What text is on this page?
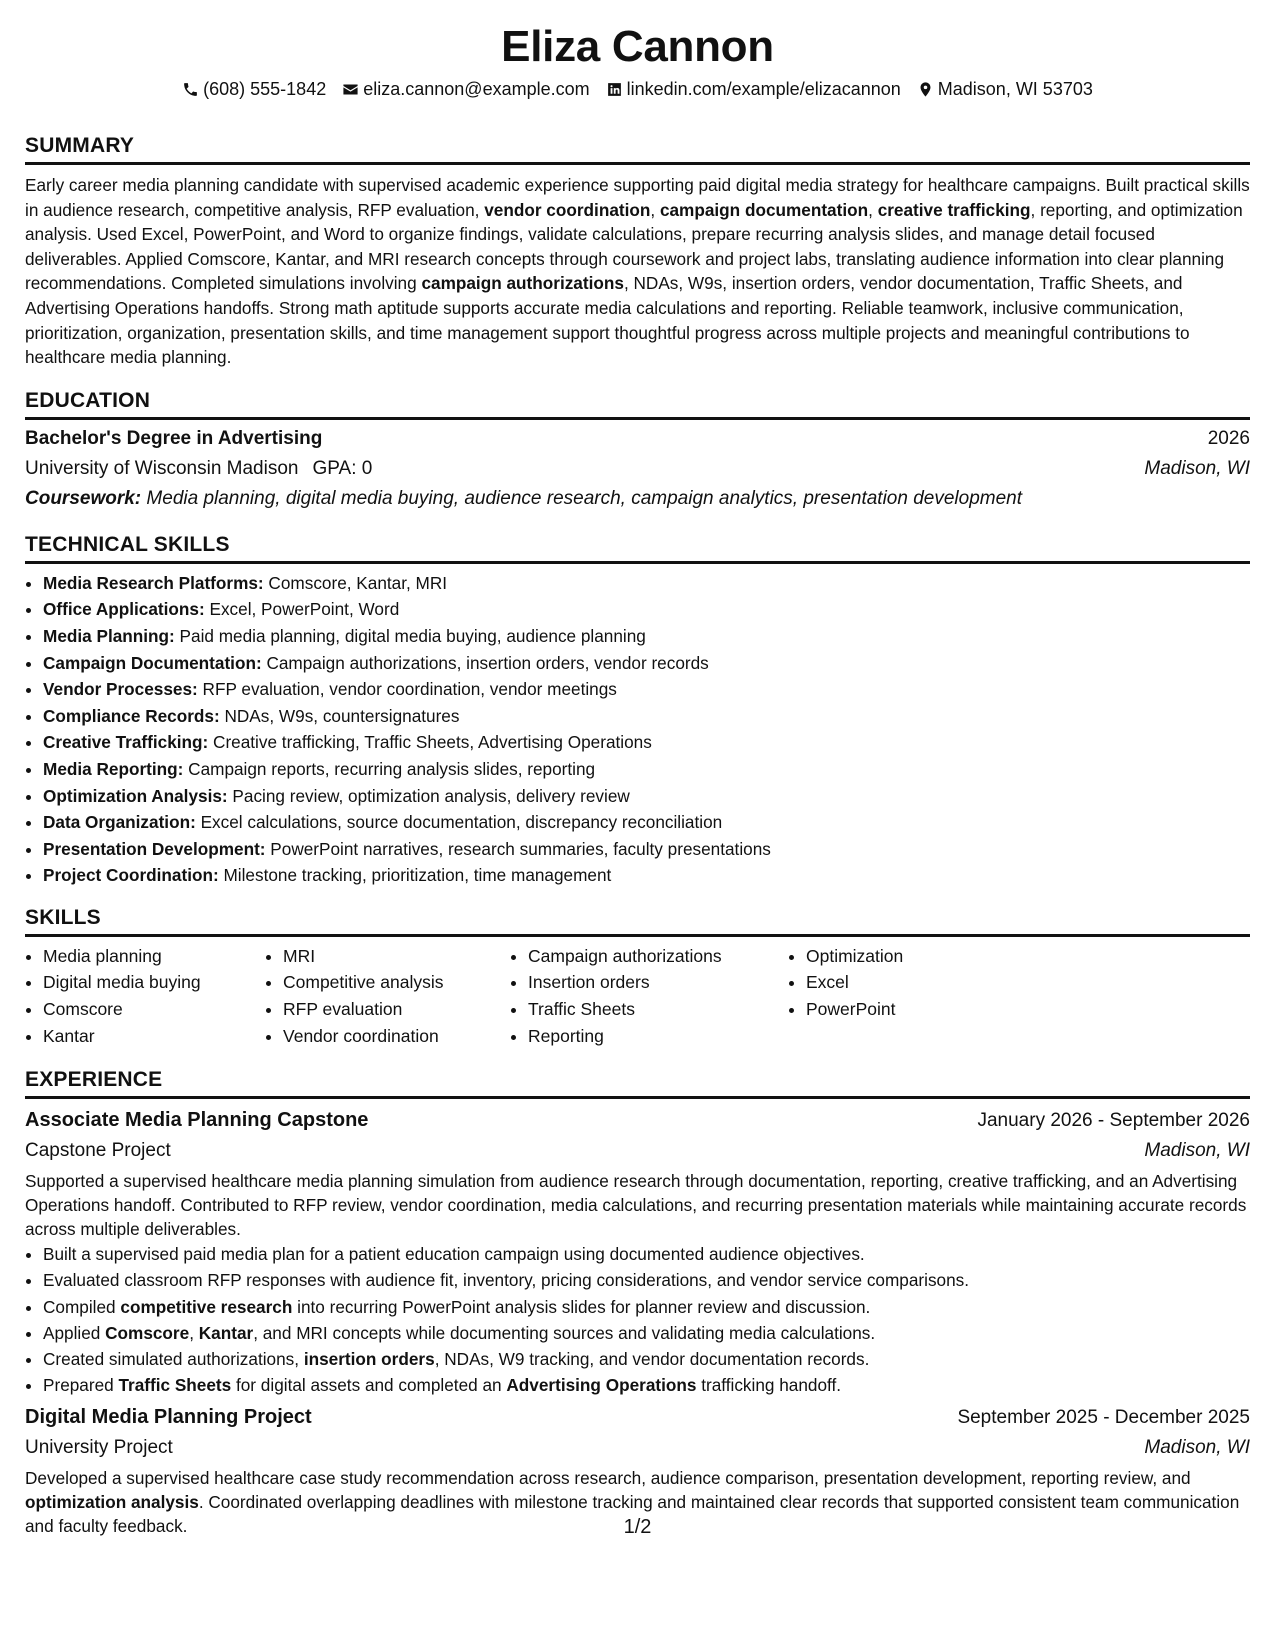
Eliza Cannon
(608) 555-1842 eliza.cannon@example.com linkedin.com/example/elizacannon Madison, WI 53703
SUMMARY
Early career media planning candidate with supervised academic experience supporting paid digital media strategy for healthcare campaigns. Built practical skills in audience research, competitive analysis, RFP evaluation, vendor coordination, campaign documentation, creative trafficking, reporting, and optimization analysis. Used Excel, PowerPoint, and Word to organize findings, validate calculations, prepare recurring analysis slides, and manage detail focused deliverables. Applied Comscore, Kantar, and MRI research concepts through coursework and project labs, translating audience information into clear planning recommendations. Completed simulations involving campaign authorizations, NDAs, W9s, insertion orders, vendor documentation, Traffic Sheets, and Advertising Operations handoffs. Strong math aptitude supports accurate media calculations and reporting. Reliable teamwork, inclusive communication, prioritization, organization, presentation skills, and time management support thoughtful progress across multiple projects and meaningful contributions to healthcare media planning.
EDUCATION
Bachelor's Degree in Advertising	2026
University of Wisconsin Madison GPA: 0	Madison, WI
Coursework: Media planning, digital media buying, audience research, campaign analytics, presentation development
TECHNICAL SKILLS
• Media Research Platforms: Comscore, Kantar, MRI
• Office Applications: Excel, PowerPoint, Word
• Media Planning: Paid media planning, digital media buying, audience planning
• Campaign Documentation: Campaign authorizations, insertion orders, vendor records
• Vendor Processes: RFP evaluation, vendor coordination, vendor meetings
• Compliance Records: NDAs, W9s, countersignatures
• Creative Trafficking: Creative trafficking, Traffic Sheets, Advertising Operations
• Media Reporting: Campaign reports, recurring analysis slides, reporting
• Optimization Analysis: Pacing review, optimization analysis, delivery review
• Data Organization: Excel calculations, source documentation, discrepancy reconciliation
• Presentation Development: PowerPoint narratives, research summaries, faculty presentations
• Project Coordination: Milestone tracking, prioritization, time management
SKILLS
• Media planning
• Digital media buying
• Comscore
• Kantar
• MRI
• Competitive analysis
• RFP evaluation
• Vendor coordination
• Campaign authorizations
• Insertion orders
• Traffic Sheets
• Reporting
• Optimization
• Excel
• PowerPoint
EXPERIENCE
Associate Media Planning Capstone	January 2026 - September 2026
Capstone Project	Madison, WI
Supported a supervised healthcare media planning simulation from audience research through documentation, reporting, creative trafficking, and an Advertising Operations handoff. Contributed to RFP review, vendor coordination, media calculations, and recurring presentation materials while maintaining accurate records across multiple deliverables.
• Built a supervised paid media plan for a patient education campaign using documented audience objectives.
• Evaluated classroom RFP responses with audience fit, inventory, pricing considerations, and vendor service comparisons.
• Compiled competitive research into recurring PowerPoint analysis slides for planner review and discussion.
• Applied Comscore, Kantar, and MRI concepts while documenting sources and validating media calculations.
• Created simulated authorizations, insertion orders, NDAs, W9 tracking, and vendor documentation records.
• Prepared Traffic Sheets for digital assets and completed an Advertising Operations trafficking handoff.
Digital Media Planning Project	September 2025 - December 2025
University Project	Madison, WI
Developed a supervised healthcare case study recommendation across research, audience comparison, presentation development, reporting review, and optimization analysis. Coordinated overlapping deadlines with milestone tracking and maintained clear records that supported consistent team communication and faculty feedback.	1/2
